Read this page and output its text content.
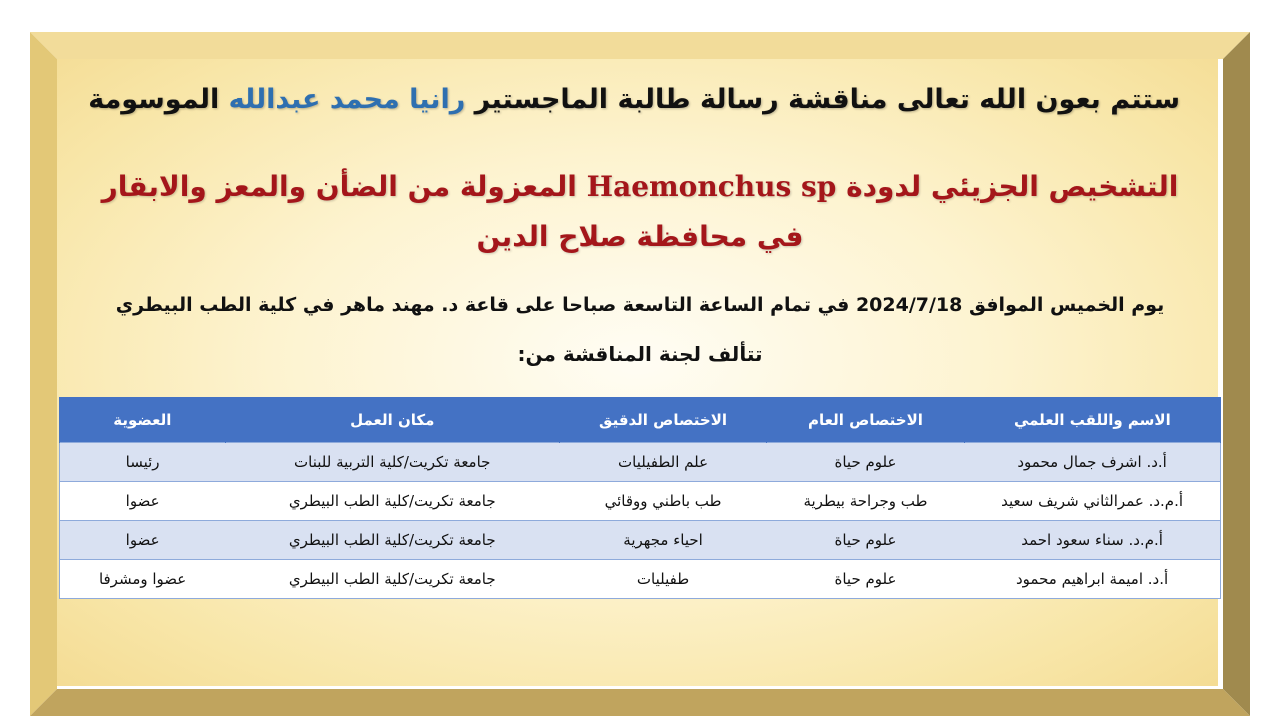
ستتم بعون الله تعالى مناقشة رسالة طالبة الماجستير رانيا محمد عبدالله الموسومة
التشخيص الجزيئي لدودة Haemonchus sp المعزولة من الضأن والمعز والابقار
في محافظة صلاح الدين
يوم الخميس الموافق 2024/7/18 في تمام الساعة التاسعة صباحا على قاعة د. مهند ماهر في كلية الطب البيطري
تتألف لجنة المناقشة من:
الاسم واللقب العلمي	الاختصاص العام	الاختصاص الدقيق	مكان العمل	العضوية
أ.د. اشرف جمال محمود	علوم حياة	علم الطفيليات	جامعة تكريت/كلية التربية للبنات	رئيسا
أ.م.د. عمرالثاني شريف سعيد	طب وجراحة بيطرية	طب باطني ووقائي	جامعة تكريت/كلية الطب البيطري	عضوا
أ.م.د. سناء سعود احمد	علوم حياة	احياء مجهرية	جامعة تكريت/كلية الطب البيطري	عضوا
أ.د. اميمة ابراهيم محمود	علوم حياة	طفيليات	جامعة تكريت/كلية الطب البيطري	عضوا ومشرفا
